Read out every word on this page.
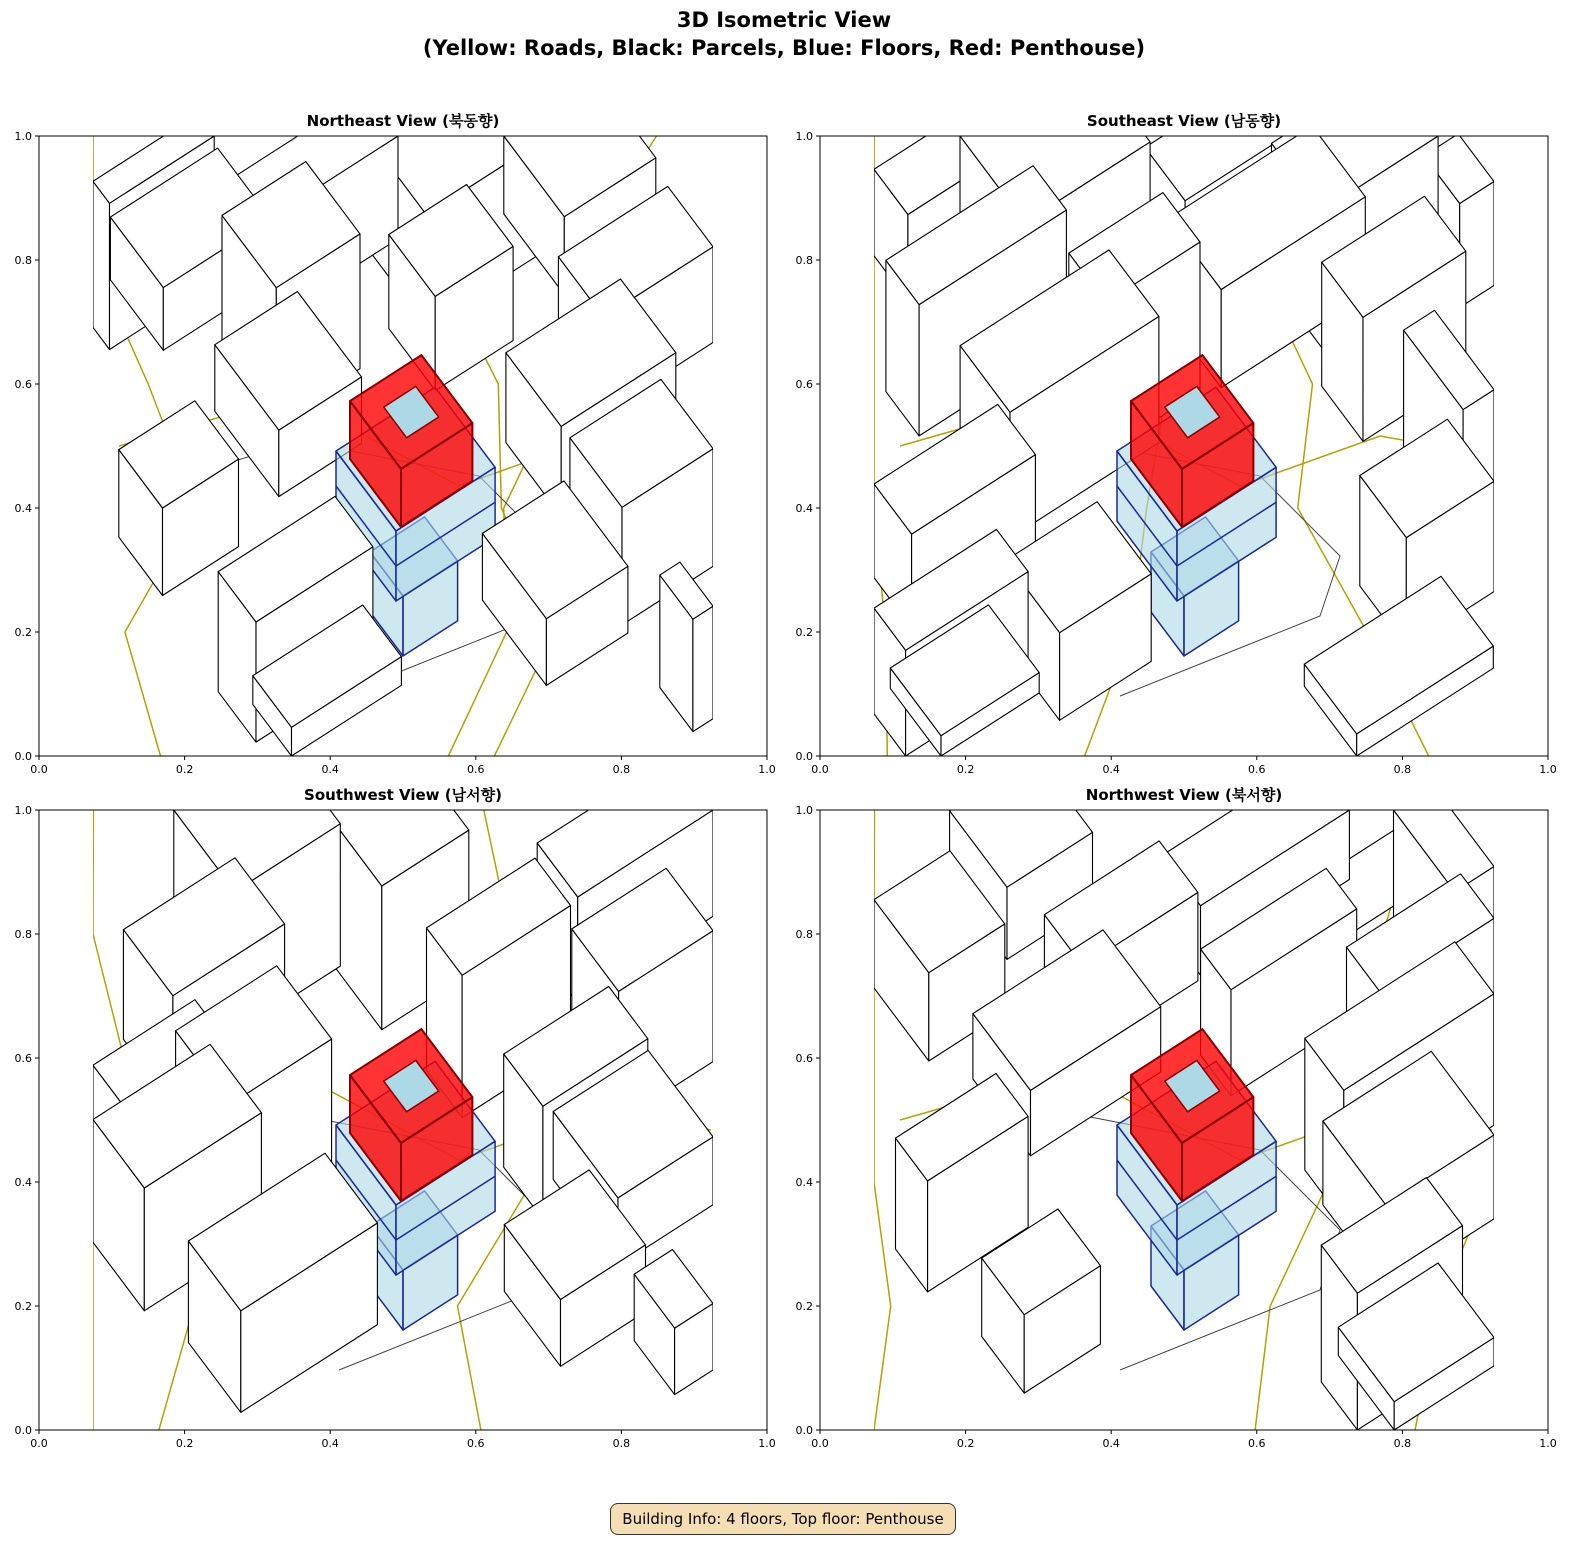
3D Isometric View
(Yellow: Roads, Black: Parcels, Blue: Floors, Red: Penthouse)
Northeast View (북동향)	Southeast View (남동향)
Southwest View (남서향)	Northwest View (북서향)
0.0	0.2	0.4	0.6	0.8	1.0
0.0
0.2
0.4
0.6
0.8
1.0
0.0	0.2	0.4	0.6	0.8	1.0
0.0
0.2
0.4
0.6
0.8
1.0
0.0	0.2	0.4	0.6	0.8	1.0
0.0
0.2
0.4
0.6
0.8
1.0
0.0	0.2	0.4	0.6	0.8	1.0
0.0
0.2
0.4
0.6
0.8
1.0
Building Info: 4 floors, Top floor: Penthouse
